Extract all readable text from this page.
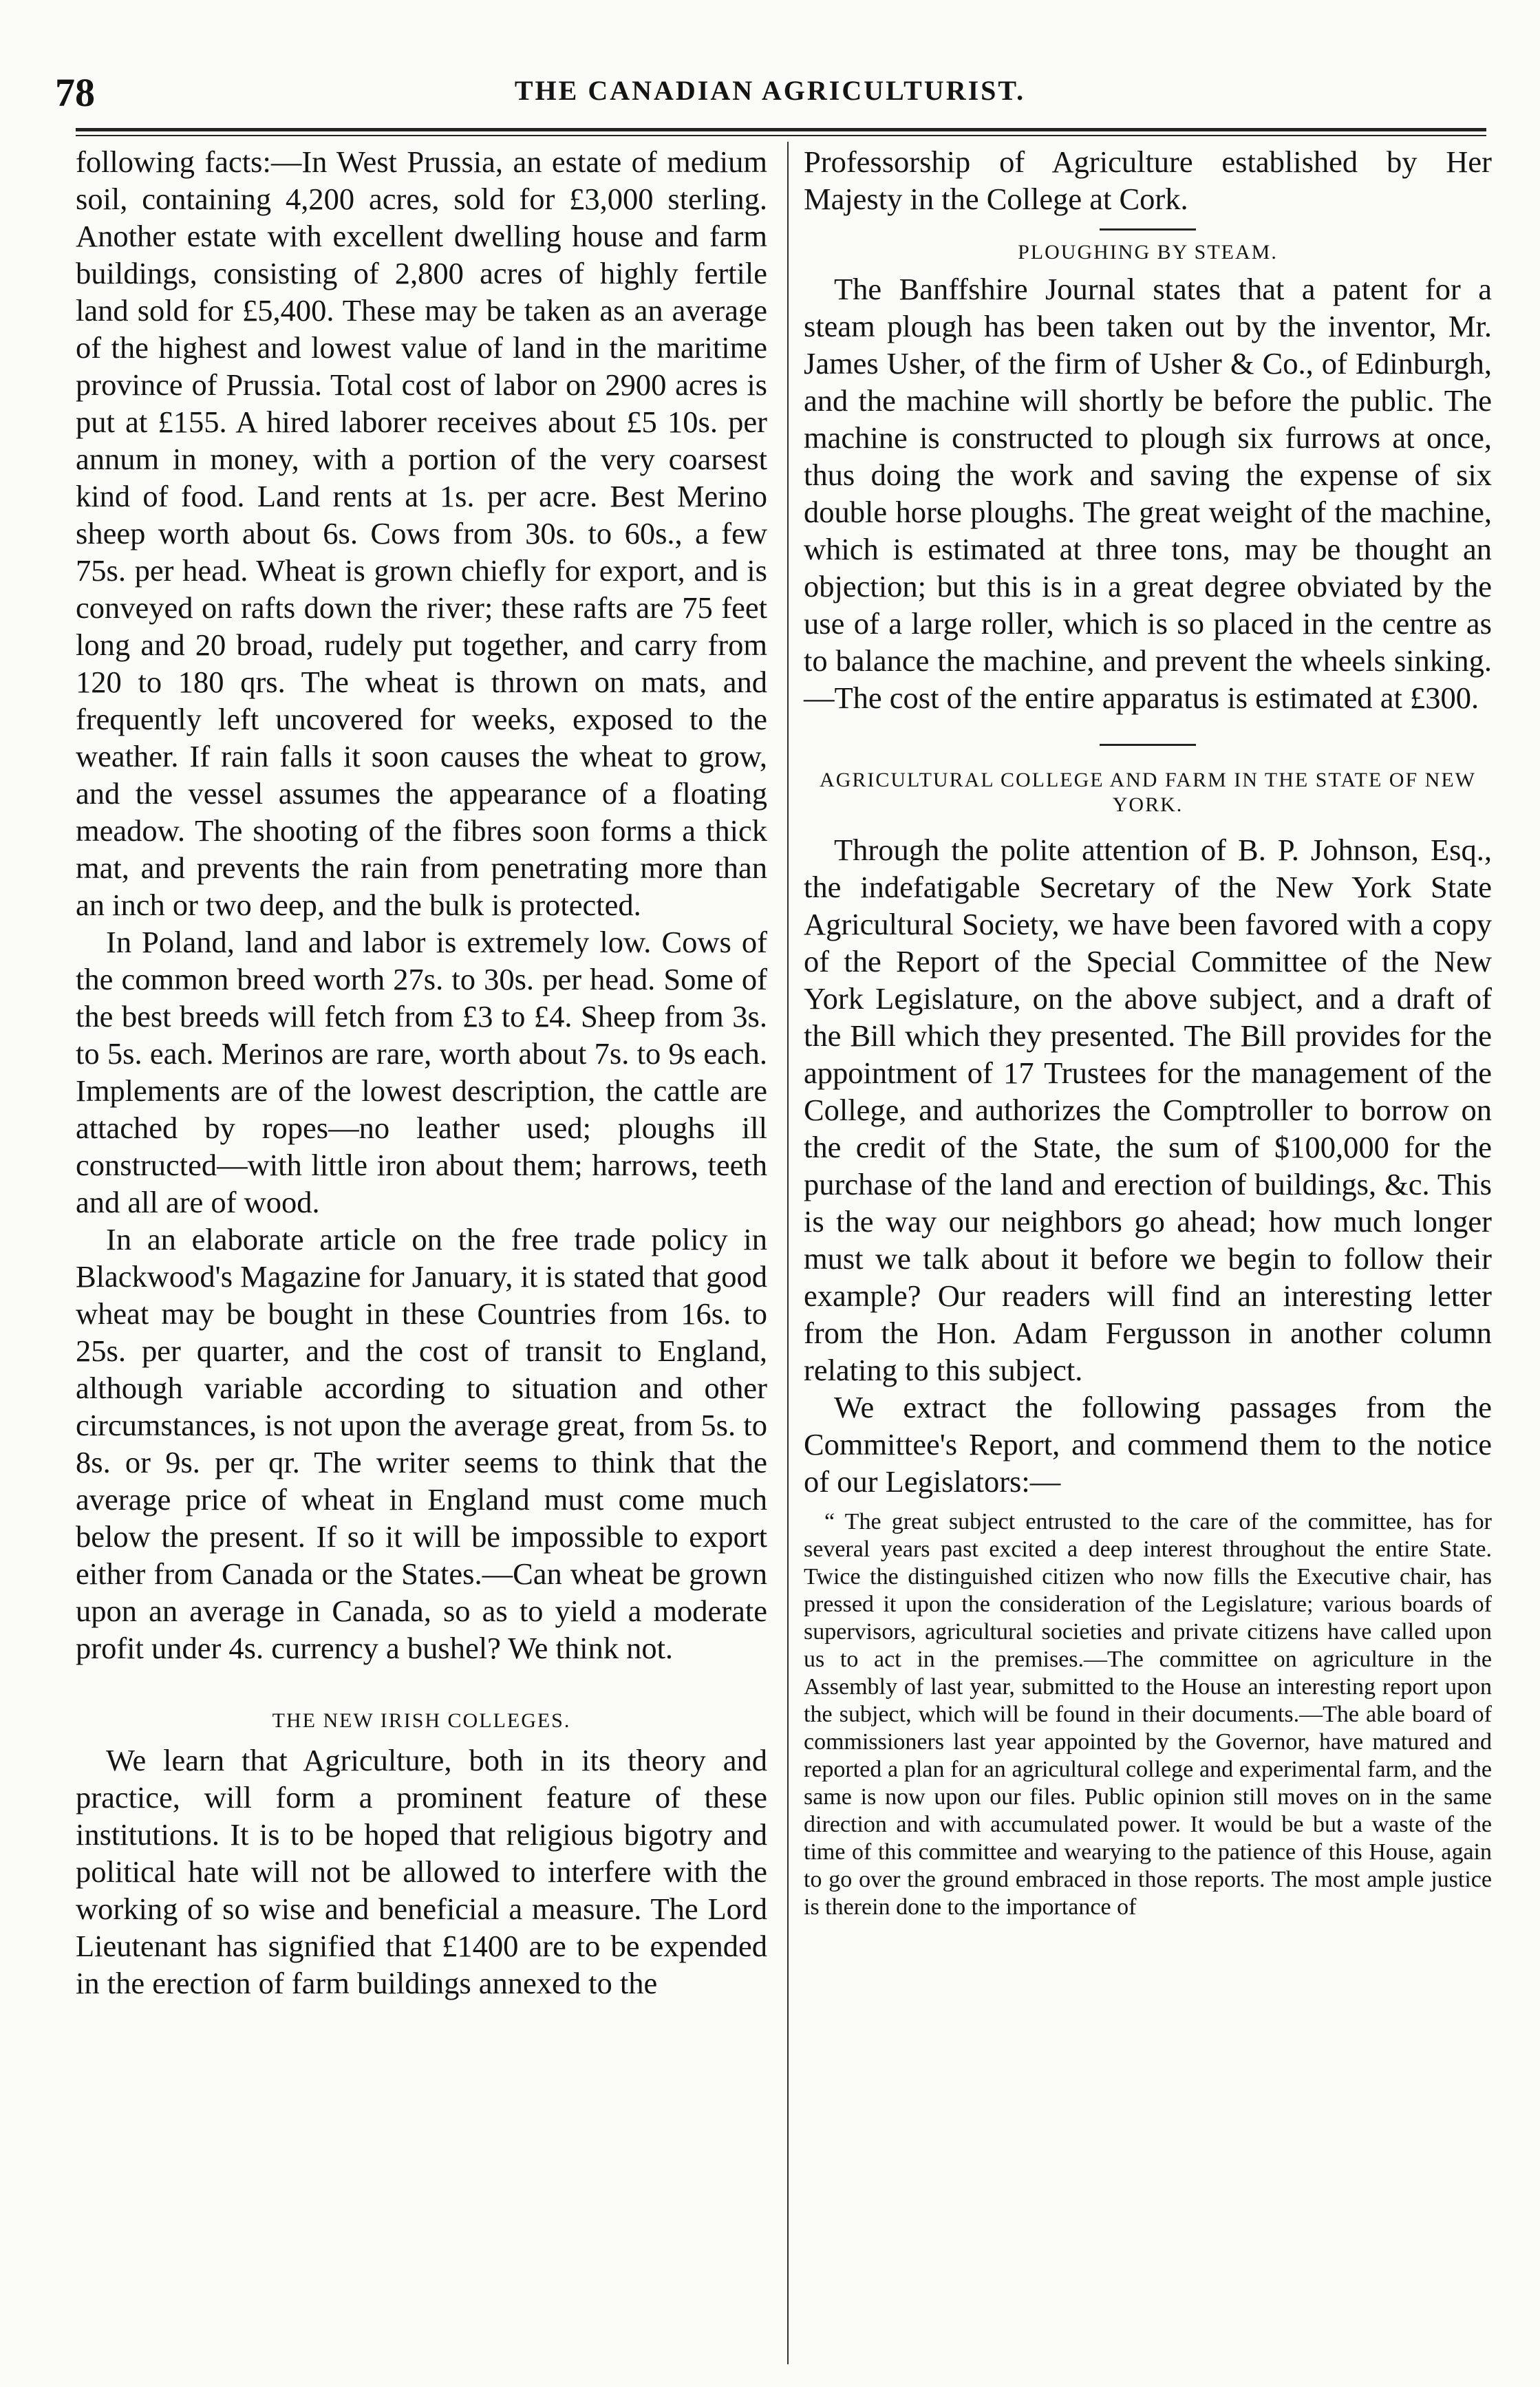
78	THE CANADIAN AGRICULTURIST.

following facts:—In West Prussia, an estate of medium soil, containing 4,200 acres, sold for £3,000 sterling. Another estate with excellent dwelling house and farm buildings, consisting of 2,800 acres of highly fertile land sold for £5,400. These may be taken as an average of the highest and lowest value of land in the maritime province of Prussia. Total cost of labor on 2900 acres is put at £155. A hired laborer receives about £5 10s. per annum in money, with a portion of the very coarsest kind of food. Land rents at 1s. per acre. Best Merino sheep worth about 6s. Cows from 30s. to 60s., a few 75s. per head. Wheat is grown chiefly for export, and is conveyed on rafts down the river; these rafts are 75 feet long and 20 broad, rudely put together, and carry from 120 to 180 qrs. The wheat is thrown on mats, and frequently left uncovered for weeks, exposed to the weather. If rain falls it soon causes the wheat to grow, and the vessel assumes the appearance of a floating meadow. The shooting of the fibres soon forms a thick mat, and prevents the rain from penetrating more than an inch or two deep, and the bulk is protected.

In Poland, land and labor is extremely low. Cows of the common breed worth 27s. to 30s. per head. Some of the best breeds will fetch from £3 to £4. Sheep from 3s. to 5s. each. Merinos are rare, worth about 7s. to 9s each. Implements are of the lowest description, the cattle are attached by ropes—no leather used; ploughs ill constructed—with little iron about them; harrows, teeth and all are of wood.

In an elaborate article on the free trade policy in Blackwood's Magazine for January, it is stated that good wheat may be bought in these Countries from 16s. to 25s. per quarter, and the cost of transit to England, although variable according to situation and other circumstances, is not upon the average great, from 5s. to 8s. or 9s. per qr. The writer seems to think that the average price of wheat in England must come much below the present. If so it will be impossible to export either from Canada or the States.—Can wheat be grown upon an average in Canada, so as to yield a moderate profit under 4s. currency a bushel? We think not.

THE NEW IRISH COLLEGES.

We learn that Agriculture, both in its theory and practice, will form a prominent feature of these institutions. It is to be hoped that religious bigotry and political hate will not be allowed to interfere with the working of so wise and beneficial a measure. The Lord Lieutenant has signified that £1400 are to be expended in the erection of farm buildings annexed to the

Professorship of Agriculture established by Her Majesty in the College at Cork.

PLOUGHING BY STEAM.

The Banffshire Journal states that a patent for a steam plough has been taken out by the inventor, Mr. James Usher, of the firm of Usher & Co., of Edinburgh, and the machine will shortly be before the public. The machine is constructed to plough six furrows at once, thus doing the work and saving the expense of six double horse ploughs. The great weight of the machine, which is estimated at three tons, may be thought an objection; but this is in a great degree obviated by the use of a large roller, which is so placed in the centre as to balance the machine, and prevent the wheels sinking.—The cost of the entire apparatus is estimated at £300.

AGRICULTURAL COLLEGE AND FARM IN THE STATE OF NEW YORK.

Through the polite attention of B. P. Johnson, Esq., the indefatigable Secretary of the New York State Agricultural Society, we have been favored with a copy of the Report of the Special Committee of the New York Legislature, on the above subject, and a draft of the Bill which they presented. The Bill provides for the appointment of 17 Trustees for the management of the College, and authorizes the Comptroller to borrow on the credit of the State, the sum of $100,000 for the purchase of the land and erection of buildings, &c. This is the way our neighbors go ahead; how much longer must we talk about it before we begin to follow their example? Our readers will find an interesting letter from the Hon. Adam Fergusson in another column relating to this subject.

We extract the following passages from the Committee's Report, and commend them to the notice of our Legislators:—

“ The great subject entrusted to the care of the committee, has for several years past excited a deep interest throughout the entire State. Twice the distinguished citizen who now fills the Executive chair, has pressed it upon the consideration of the Legislature; various boards of supervisors, agricultural societies and private citizens have called upon us to act in the premises.—The committee on agriculture in the Assembly of last year, submitted to the House an interesting report upon the subject, which will be found in their documents.—The able board of commissioners last year appointed by the Governor, have matured and reported a plan for an agricultural college and experimental farm, and the same is now upon our files. Public opinion still moves on in the same direction and with accumulated power. It would be but a waste of the time of this committee and wearying to the patience of this House, again to go over the ground embraced in those reports. The most ample justice is therein done to the importance of
